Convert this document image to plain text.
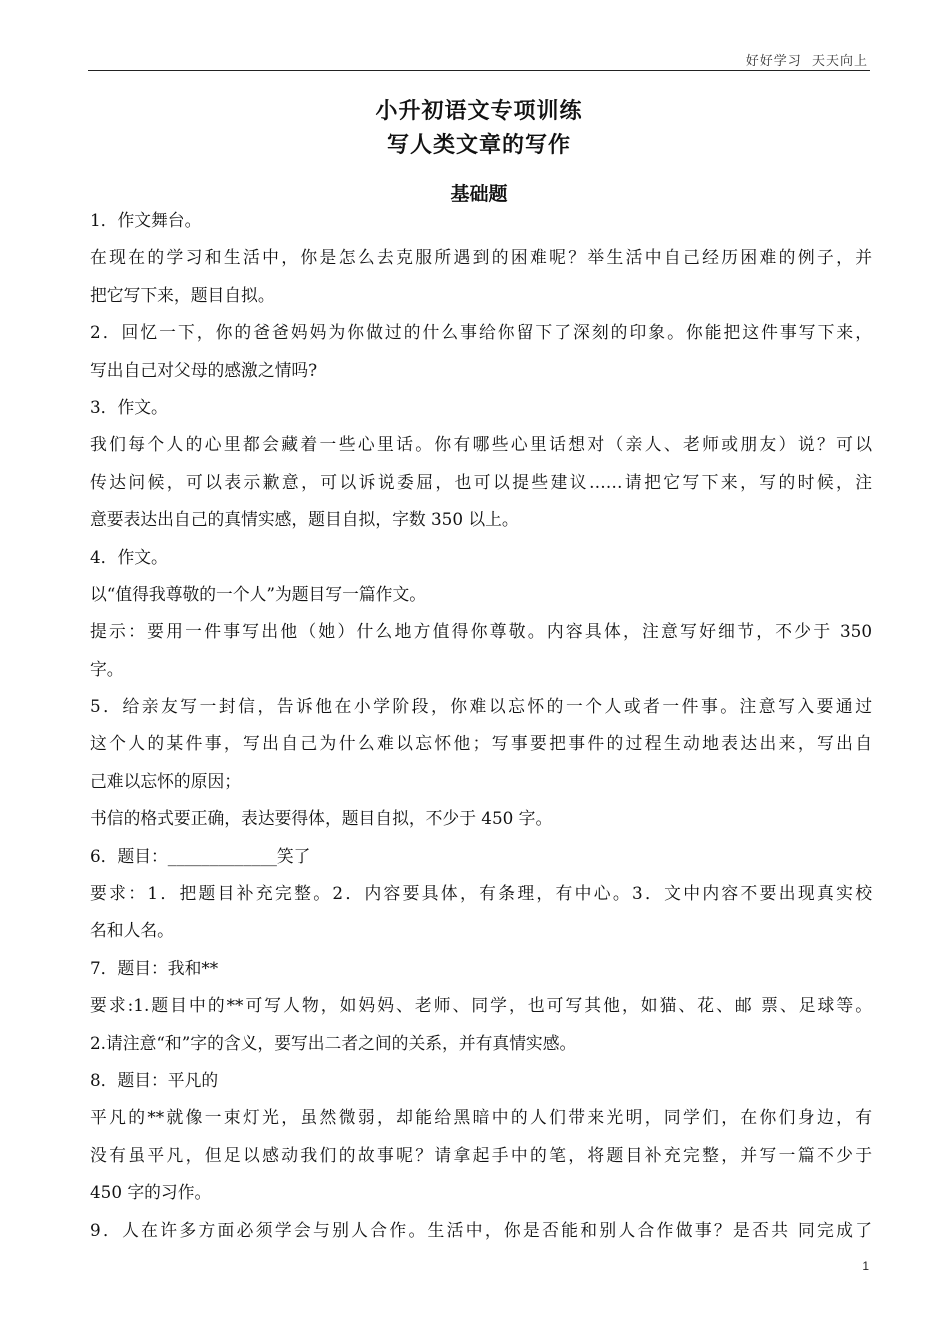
好好学习  天天向上
小升初语文专项训练
写人类文章的写作
基础题
1．作文舞台。
在现在的学习和生活中，你是怎么去克服所遇到的困难呢？举生活中自己经历困难的例子，并
把它写下来，题目自拟。
2．回忆一下，你的爸爸妈妈为你做过的什么事给你留下了深刻的印象。你能把这件事写下来，
写出自己对父母的感激之情吗?
3．作文。
我们每个人的心里都会藏着一些心里话。你有哪些心里话想对（亲人、老师或朋友）说？可以
传达问候，可以表示歉意，可以诉说委屈，也可以提些建议……请把它写下来，写的时候，注
意要表达出自己的真情实感，题目自拟，字数 350 以上。
4．作文。
以“值得我尊敬的一个人”为题目写一篇作文。
提示：要用一件事写出他（她）什么地方值得你尊敬。内容具体，注意写好细节，不少于 350
字。
5．给亲友写一封信，告诉他在小学阶段，你难以忘怀的一个人或者一件事。注意写入要通过
这个人的某件事，写出自己为什么难以忘怀他；写事要把事件的过程生动地表达出来，写出自
己难以忘怀的原因；
书信的格式要正确，表达要得体，题目自拟，不少于 450 字。
6．题目：_____________笑了
要求：1．把题目补充完整。2．内容要具体，有条理，有中心。3．文中内容不要出现真实校
名和人名。
7．题目：我和**
要求:1.题目中的**可写人物，如妈妈、老师、同学，也可写其他，如猫、花、邮 票、足球等。
2.请注意“和”字的含义，要写出二者之间的关系，并有真情实感。
8．题目：平凡的
平凡的**就像一束灯光，虽然微弱，却能给黑暗中的人们带来光明，同学们，在你们身边，有
没有虽平凡，但足以感动我们的故事呢？请拿起手中的笔，将题目补充完整，并写一篇不少于
450 字的习作。
9．人在许多方面必须学会与别人合作。生活中，你是否能和别人合作做事？是否共 同完成了
1
